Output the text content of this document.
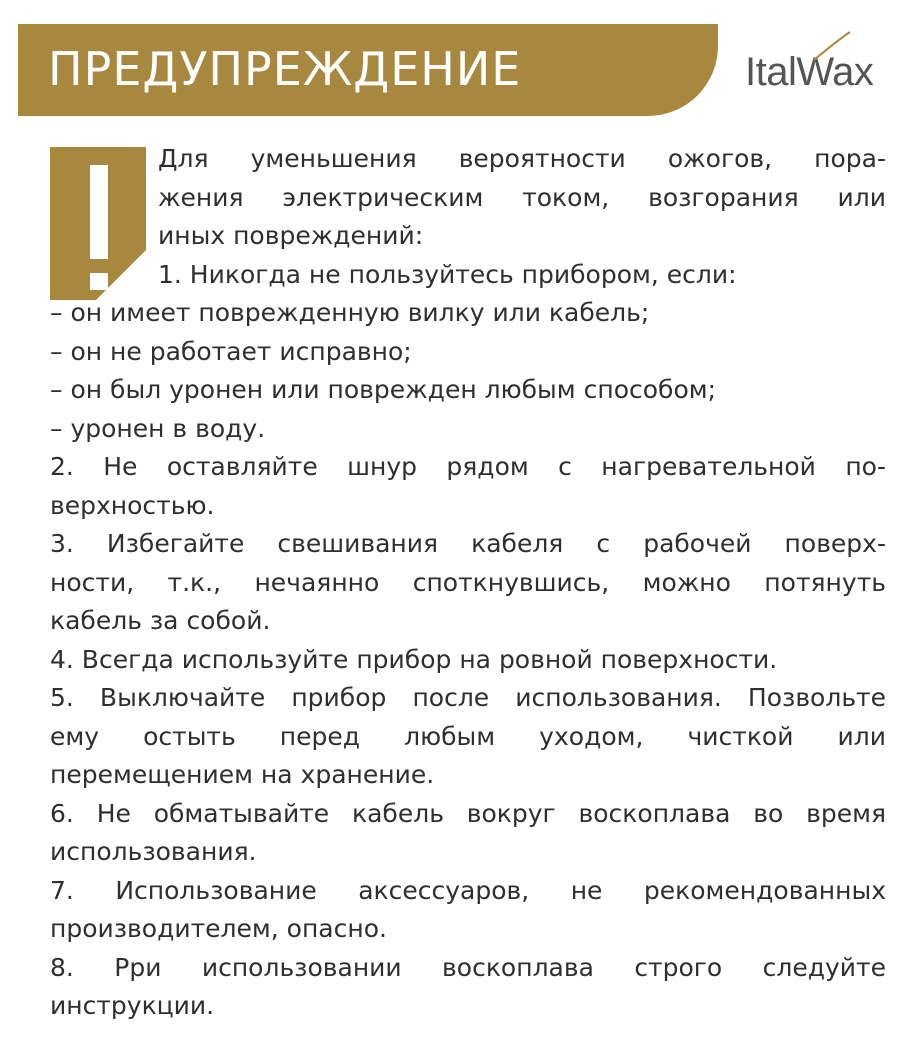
ПРЕДУПРЕЖДЕНИЕ	ItalWax
Для уменьшения вероятности ожогов, пора-
жения электрическим током, возгорания или
иных повреждений:
1. Никогда не пользуйтесь прибором, если:
– он имеет поврежденную вилку или кабель;
– он не работает исправно;
– он был уронен или поврежден любым способом;
– уронен в воду.
2. Не оставляйте шнур рядом с нагревательной по-
верхностью.
3. Избегайте свешивания кабеля с рабочей поверх-
ности, т.к., нечаянно споткнувшись, можно потянуть
кабель за собой.
4. Всегда используйте прибор на ровной поверхности.
5. Выключайте прибор после использования. Позвольте
ему остыть перед любым уходом, чисткой или
перемещением на хранение.
6. Не обматывайте кабель вокруг воскоплава во время
использования.
7. Использование аксессуаров, не рекомендованных
производителем, опасно.
8. Рри использовании воскоплава строго следуйте
инструкции.
